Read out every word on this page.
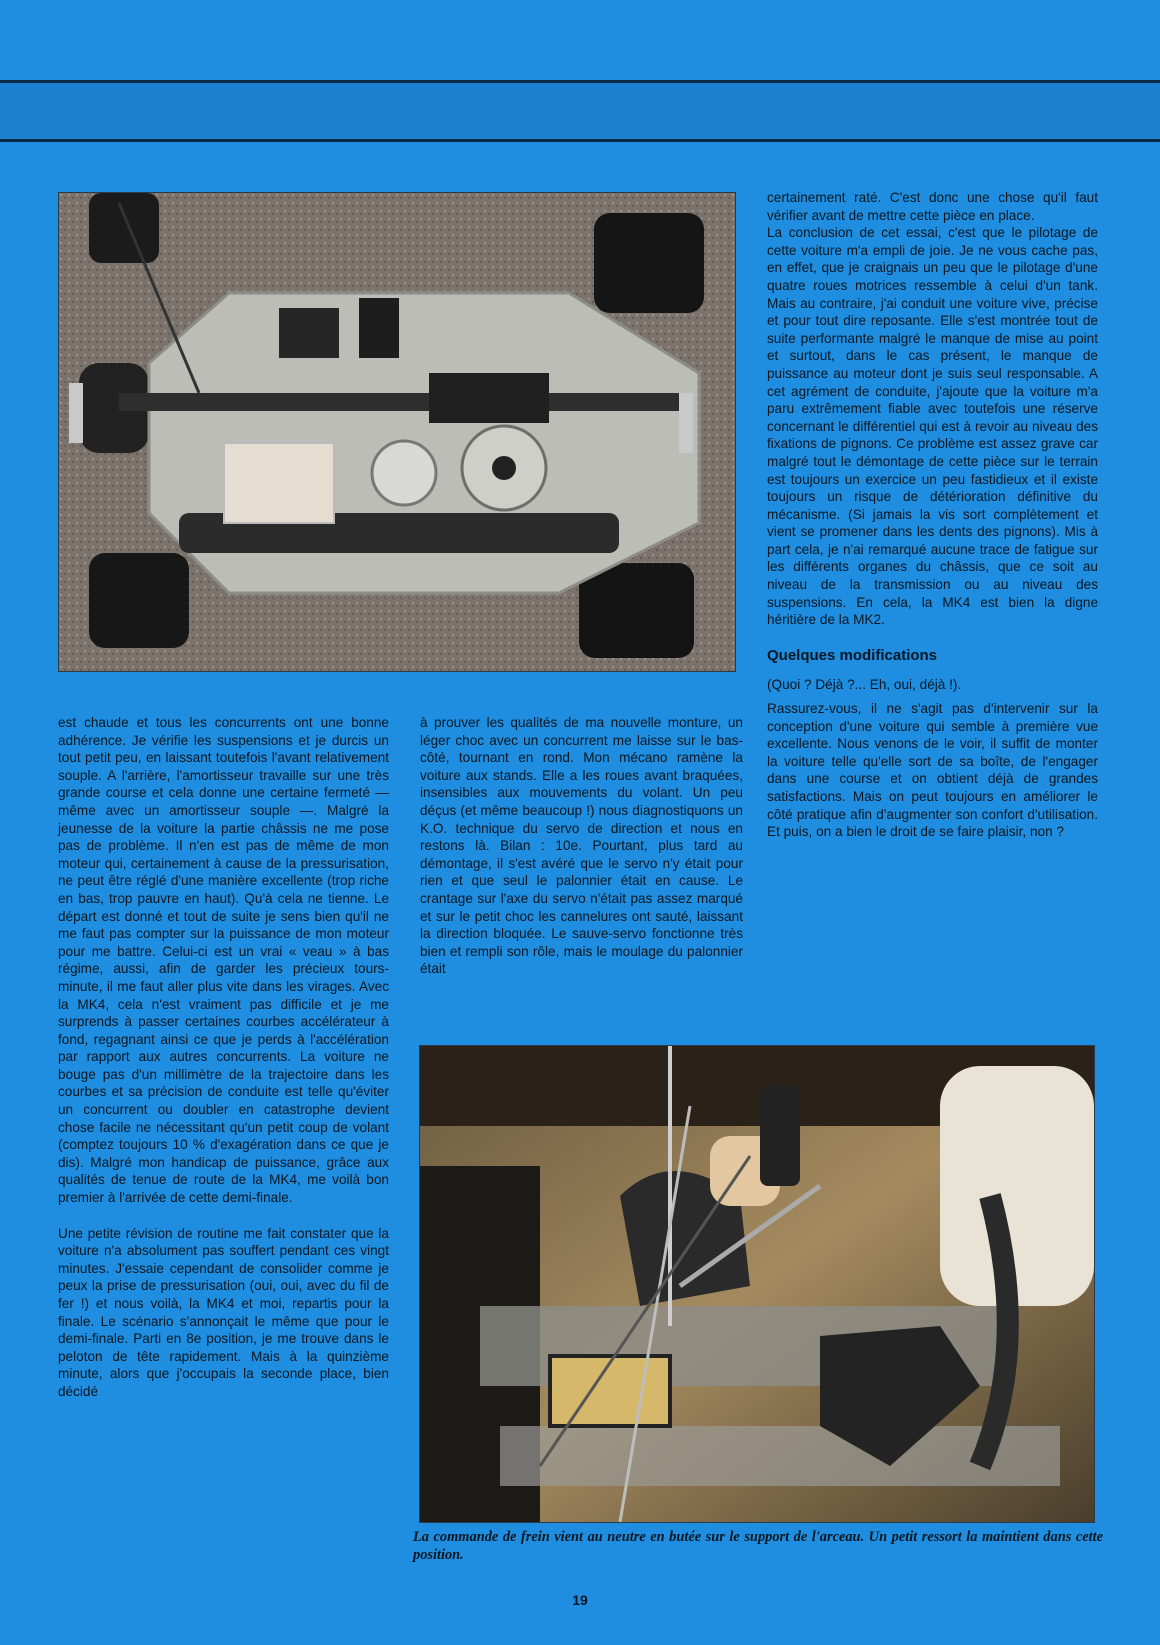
est chaude et tous les concurrents ont une bonne adhérence. Je vérifie les suspensions et je durcis un tout petit peu, en laissant toutefois l'avant relativement souple. A l'arrière, l'amortisseur travaille sur une très grande course et cela donne une certaine fermeté — même avec un amortisseur souple —. Malgré la jeunesse de la voiture la partie châssis ne me pose pas de problème. Il n'en est pas de même de mon moteur qui, certainement à cause de la pressurisation, ne peut être réglé d'une manière excellente (trop riche en bas, trop pauvre en haut). Qu'à cela ne tienne. Le départ est donné et tout de suite je sens bien qu'il ne me faut pas compter sur la puissance de mon moteur pour me battre. Celui-ci est un vrai « veau » à bas régime, aussi, afin de garder les précieux tours-minute, il me faut aller plus vite dans les virages. Avec la MK4, cela n'est vraiment pas difficile et je me surprends à passer certaines courbes accélérateur à fond, regagnant ainsi ce que je perds à l'accélération par rapport aux autres concurrents. La voiture ne bouge pas d'un millimètre de la trajectoire dans les courbes et sa précision de conduite est telle qu'éviter un concurrent ou doubler en catastrophe devient chose facile ne nécessitant qu'un petit coup de volant (comptez toujours 10 % d'exagération dans ce que je dis). Malgré mon handicap de puissance, grâce aux qualités de tenue de route de la MK4, me voilà bon premier à l'arrivée de cette demi-finale.

Une petite révision de routine me fait constater que la voiture n'a absolument pas souffert pendant ces vingt minutes. J'essaie cependant de consolider comme je peux la prise de pressurisation (oui, oui, avec du fil de fer !) et nous voilà, la MK4 et moi, repartis pour la finale. Le scénario s'annonçait le même que pour le demi-finale. Parti en 8e position, je me trouve dans le peloton de tête rapidement. Mais à la quinzième minute, alors que j'occupais la seconde place, bien décidé

à prouver les qualités de ma nouvelle monture, un léger choc avec un concurrent me laisse sur le bas-côté, tournant en rond. Mon mécano ramène la voiture aux stands. Elle a les roues avant braquées, insensibles aux mouvements du volant. Un peu déçus (et même beaucoup !) nous diagnostiquons un K.O. technique du servo de direction et nous en restons là. Bilan : 10e. Pourtant, plus tard au démontage, il s'est avéré que le servo n'y était pour rien et que seul le palonnier était en cause. Le crantage sur l'axe du servo n'était pas assez marqué et sur le petit choc les cannelures ont sauté, laissant la direction bloquée. Le sauve-servo fonctionne très bien et rempli son rôle, mais le moulage du palonnier était

certainement raté. C'est donc une chose qu'il faut vérifier avant de mettre cette pièce en place.

La conclusion de cet essai, c'est que le pilotage de cette voiture m'a empli de joie. Je ne vous cache pas, en effet, que je craignais un peu que le pilotage d'une quatre roues motrices ressemble à celui d'un tank. Mais au contraire, j'ai conduit une voiture vive, précise et pour tout dire reposante. Elle s'est montrée tout de suite performante malgré le manque de mise au point et surtout, dans le cas présent, le manque de puissance au moteur dont je suis seul responsable. A cet agrément de conduite, j'ajoute que la voiture m'a paru extrêmement fiable avec toutefois une réserve concernant le différentiel qui est à revoir au niveau des fixations de pignons. Ce problème est assez grave car malgré tout le démontage de cette pièce sur le terrain est toujours un exercice un peu fastidieux et il existe toujours un risque de détérioration définitive du mécanisme. (Si jamais la vis sort complètement et vient se promener dans les dents des pignons). Mis à part cela, je n'ai remarqué aucune trace de fatigue sur les différents organes du châssis, que ce soit au niveau de la transmission ou au niveau des suspensions. En cela, la MK4 est bien la digne héritière de la MK2.

Quelques modifications

(Quoi ? Déjà ?... Eh, oui, déjà !).

Rassurez-vous, il ne s'agit pas d'intervenir sur la conception d'une voiture qui semble à première vue excellente. Nous venons de le voir, il suffit de monter la voiture telle qu'elle sort de sa boîte, de l'engager dans une course et on obtient déjà de grandes satisfactions. Mais on peut toujours en améliorer le côté pratique afin d'augmenter son confort d'utilisation. Et puis, on a bien le droit de se faire plaisir, non ?

La commande de frein vient au neutre en butée sur le support de l'arceau. Un petit ressort la maintient dans cette position.
19
